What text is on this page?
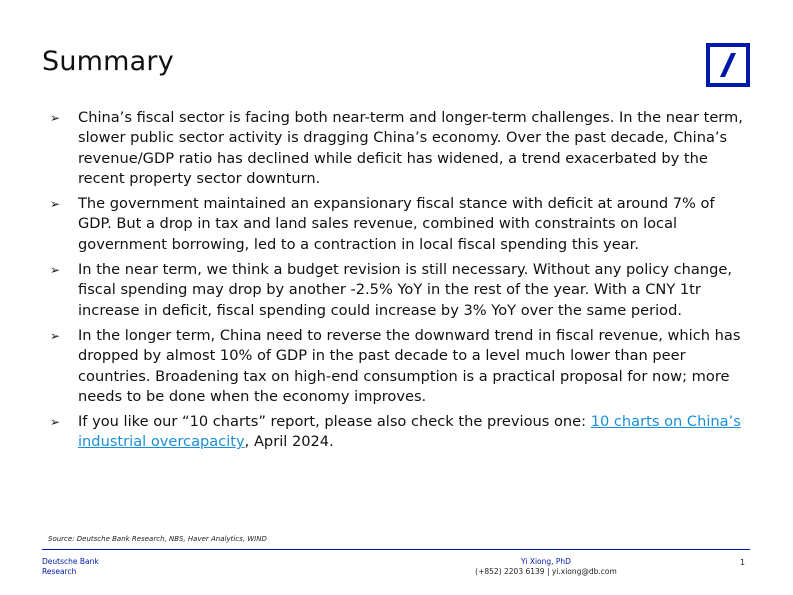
Summary
➢ China’s fiscal sector is facing both near-term and longer-term challenges. In the near term, slower public sector activity is dragging China’s economy. Over the past decade, China’s revenue/GDP ratio has declined while deficit has widened, a trend exacerbated by the recent property sector downturn.
➢ The government maintained an expansionary fiscal stance with deficit at around 7% of GDP. But a drop in tax and land sales revenue, combined with constraints on local government borrowing, led to a contraction in local fiscal spending this year.
➢ In the near term, we think a budget revision is still necessary. Without any policy change, fiscal spending may drop by another -2.5% YoY in the rest of the year. With a CNY 1tr increase in deficit, fiscal spending could increase by 3% YoY over the same period.
➢ In the longer term, China need to reverse the downward trend in fiscal revenue, which has dropped by almost 10% of GDP in the past decade to a level much lower than peer countries. Broadening tax on high-end consumption is a practical proposal for now; more needs to be done when the economy improves.
➢ If you like our “10 charts” report, please also check the previous one: 10 charts on China’s industrial overcapacity, April 2024.
Source: Deutsche Bank Research, NBS, Haver Analytics, WIND
Deutsche Bank
Research
Yi Xiong, PhD
(+852) 2203 6139 | yi.xiong@db.com
1
